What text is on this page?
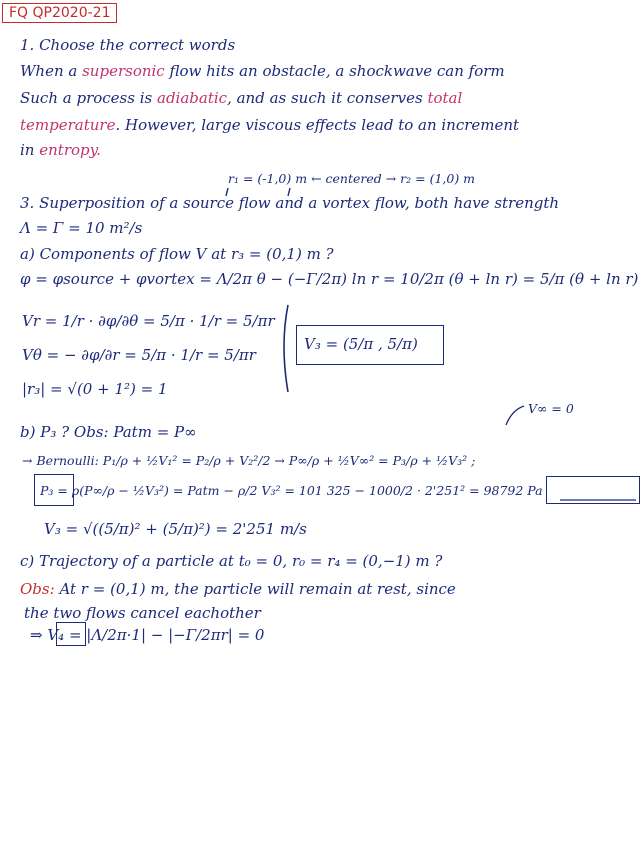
FQ QP2020-21
1. Choose the correct words
When a supersonic flow hits an obstacle, a shockwave can form
Such a process is adiabatic, and as such it conserves total
temperature. However, large viscous effects lead to an increment
in entropy.
r₁ = (-1,0) m ← centered → r₂ = (1,0) m
3. Superposition of a source flow and a vortex flow, both have strength
Λ = Γ = 10 m²/s
a) Components of flow V at r₃ = (0,1) m ?
φ = φsource + φvortex = Λ/2π θ − (−Γ/2π) ln r = 10/2π (θ + ln r) = 5/π (θ + ln r)
Vr = 1/r · ∂φ/∂θ = 5/π · 1/r = 5/πr
Vθ = − ∂φ/∂r = 5/π · 1/r = 5/πr
V₃ = (5/π , 5/π)
|r₃| = √(0 + 1²) = 1
b) P₃ ? Obs: Patm = P∞
V∞ = 0
→ Bernoulli: P₁/ρ + ½V₁² = P₂/ρ + V₂²/2 → P∞/ρ + ½V∞² = P₃/ρ + ½V₃² ;
P₃ = ρ(P∞/ρ − ½V₃²) = Patm − ρ/2 V₃² = 101 325 − 1000/2 · 2'251² = 98792 Pa
V₃ = √((5/π)² + (5/π)²) = 2'251 m/s
c) Trajectory of a particle at t₀ = 0, r₀ = r₄ = (0,−1) m ?
Obs: At r = (0,1) m, the particle will remain at rest, since
the two flows cancel eachother
⇒ V₄ = |Λ/2π·1| − |−Γ/2πr| = 0
